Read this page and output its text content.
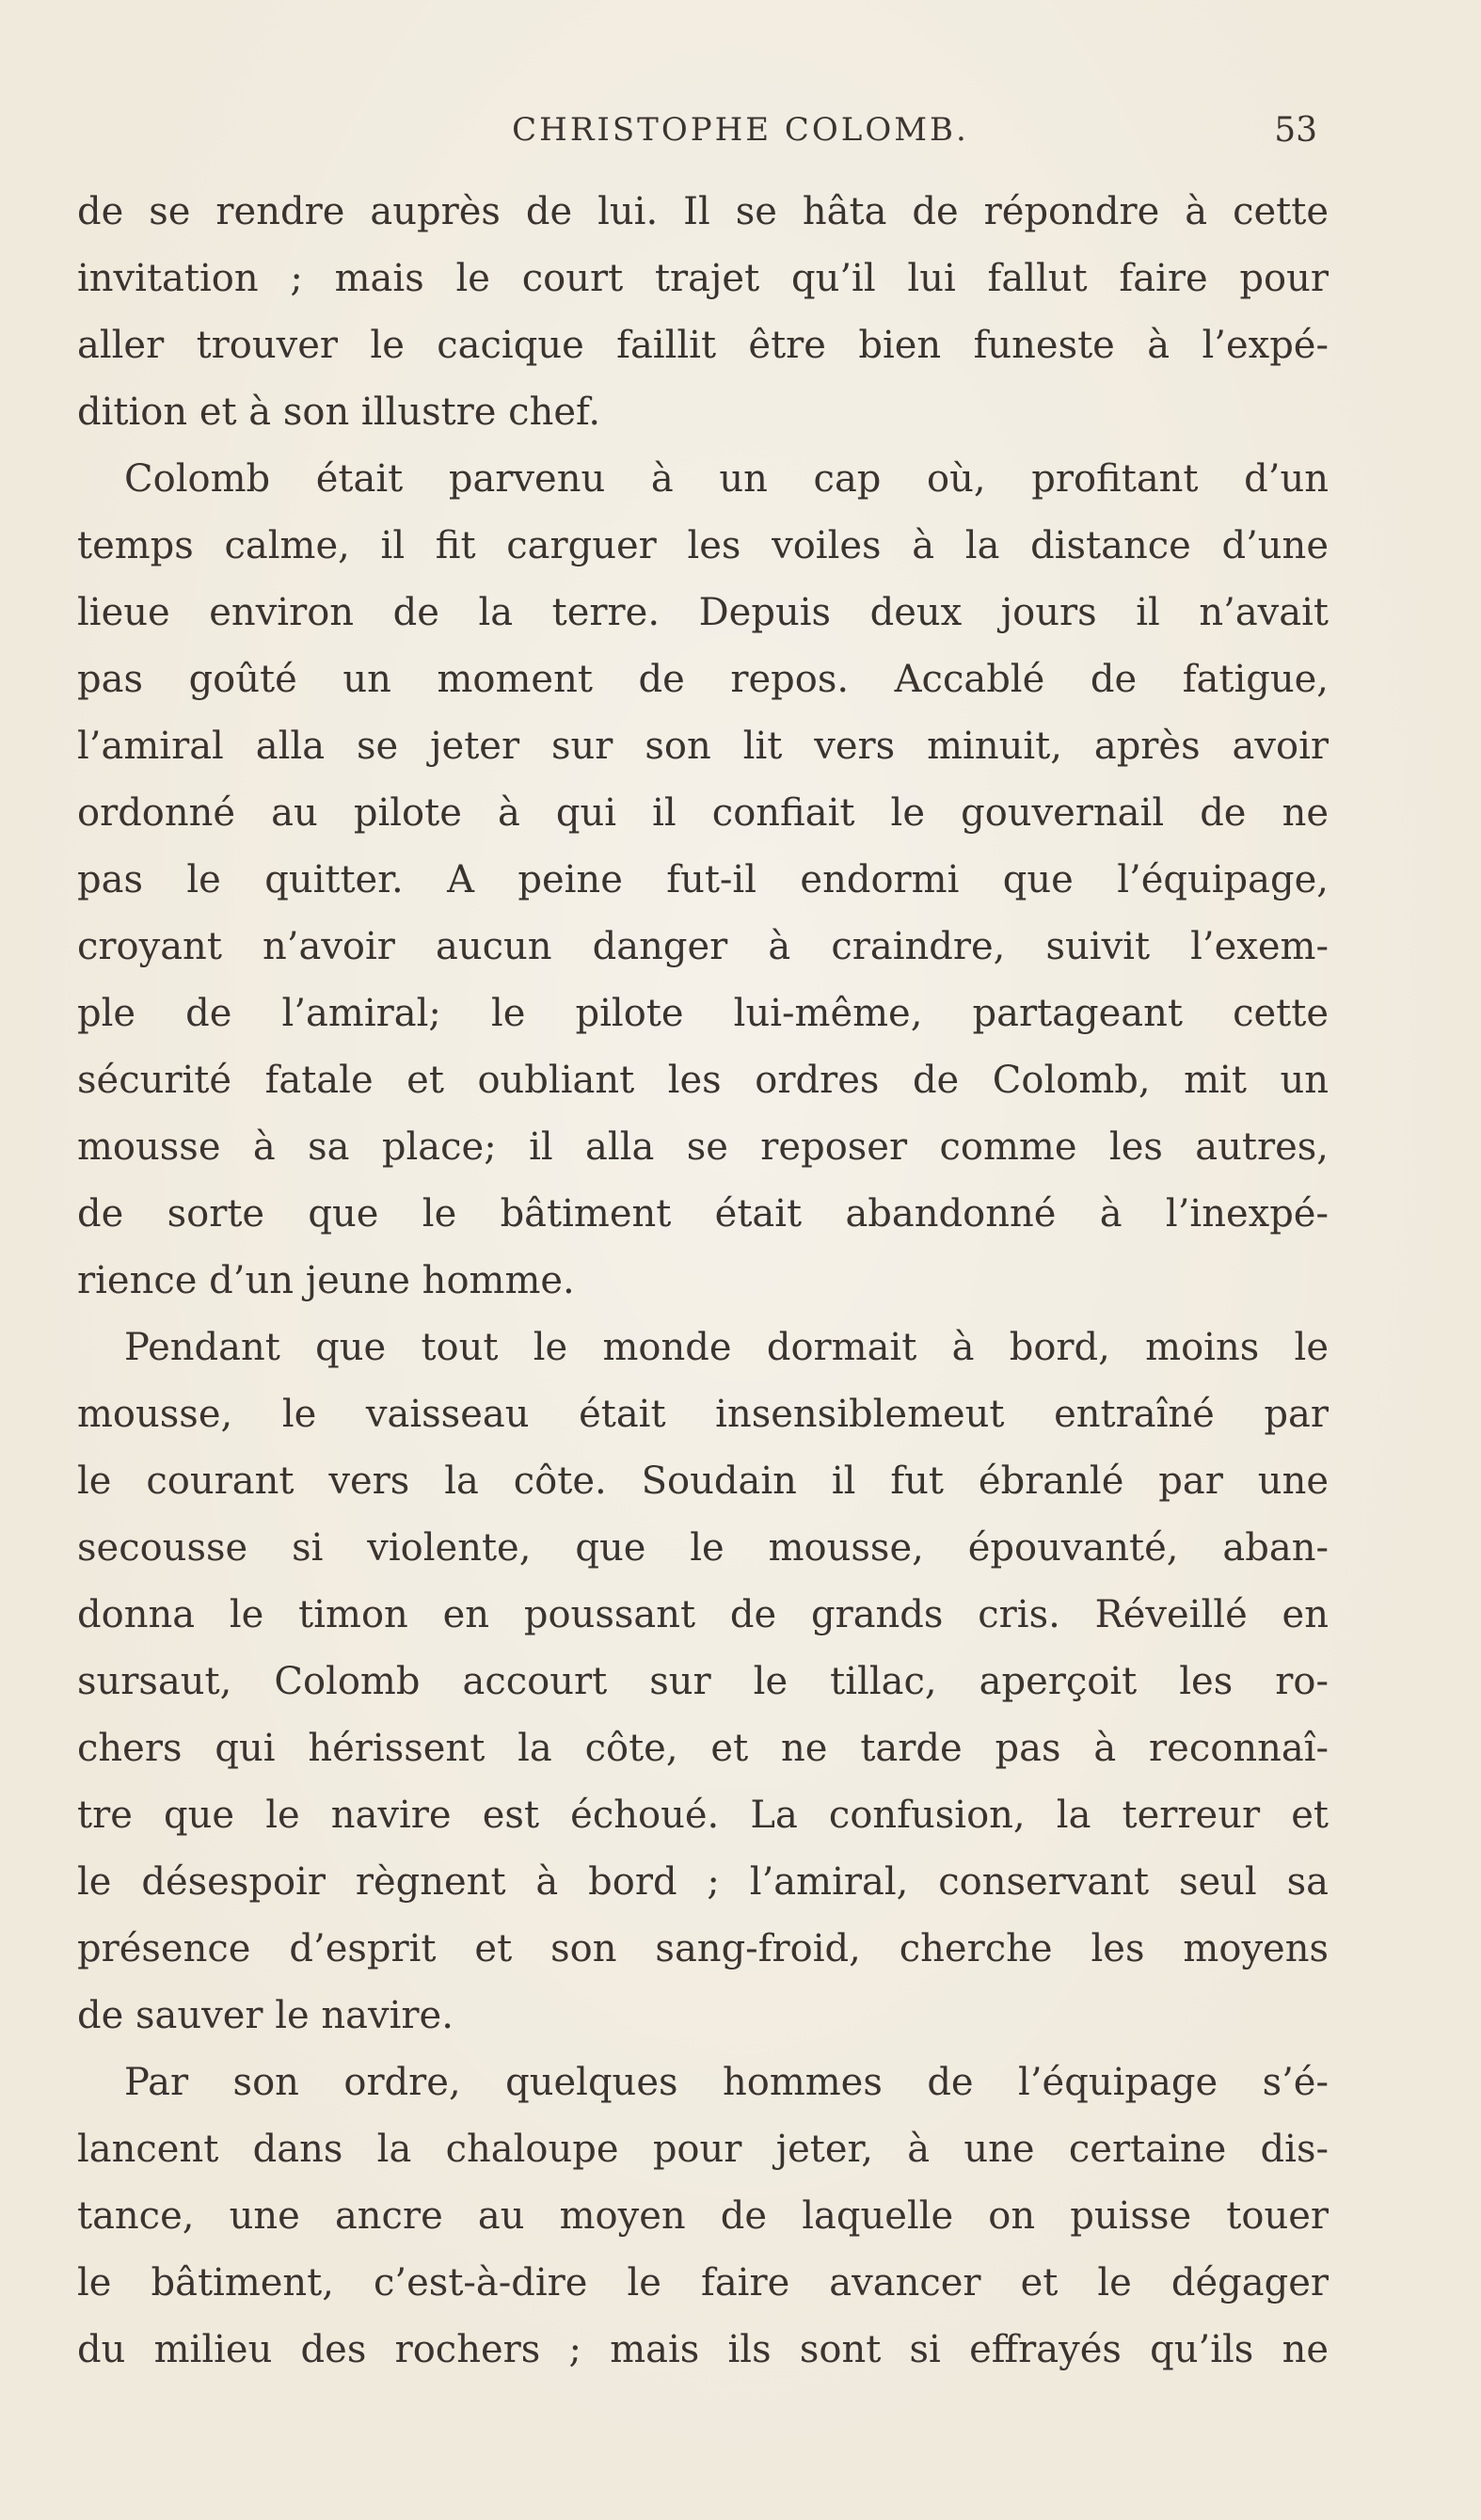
CHRISTOPHE COLOMB.	53
de se rendre auprès de lui. Il se hâta de répondre à cette
invitation ; mais le court trajet qu’il lui fallut faire pour
aller trouver le cacique faillit être bien funeste à l’expé-
dition et à son illustre chef.
Colomb était parvenu à un cap où, profitant d’un
temps calme, il fit carguer les voiles à la distance d’une
lieue environ de la terre. Depuis deux jours il n’avait
pas goûté un moment de repos. Accablé de fatigue,
l’amiral alla se jeter sur son lit vers minuit, après avoir
ordonné au pilote à qui il confiait le gouvernail de ne
pas le quitter. A peine fut-il endormi que l’équipage,
croyant n’avoir aucun danger à craindre, suivit l’exem-
ple de l’amiral; le pilote lui-même, partageant cette
sécurité fatale et oubliant les ordres de Colomb, mit un
mousse à sa place; il alla se reposer comme les autres,
de sorte que le bâtiment était abandonné à l’inexpé-
rience d’un jeune homme.
Pendant que tout le monde dormait à bord, moins le
mousse, le vaisseau était insensiblemeut entraîné par
le courant vers la côte. Soudain il fut ébranlé par une
secousse si violente, que le mousse, épouvanté, aban-
donna le timon en poussant de grands cris. Réveillé en
sursaut, Colomb accourt sur le tillac, aperçoit les ro-
chers qui hérissent la côte, et ne tarde pas à reconnaî-
tre que le navire est échoué. La confusion, la terreur et
le désespoir règnent à bord ; l’amiral, conservant seul sa
présence d’esprit et son sang-froid, cherche les moyens
de sauver le navire.
Par son ordre, quelques hommes de l’équipage s’é-
lancent dans la chaloupe pour jeter, à une certaine dis-
tance, une ancre au moyen de laquelle on puisse touer
le bâtiment, c’est-à-dire le faire avancer et le dégager
du milieu des rochers ; mais ils sont si effrayés qu’ils ne
